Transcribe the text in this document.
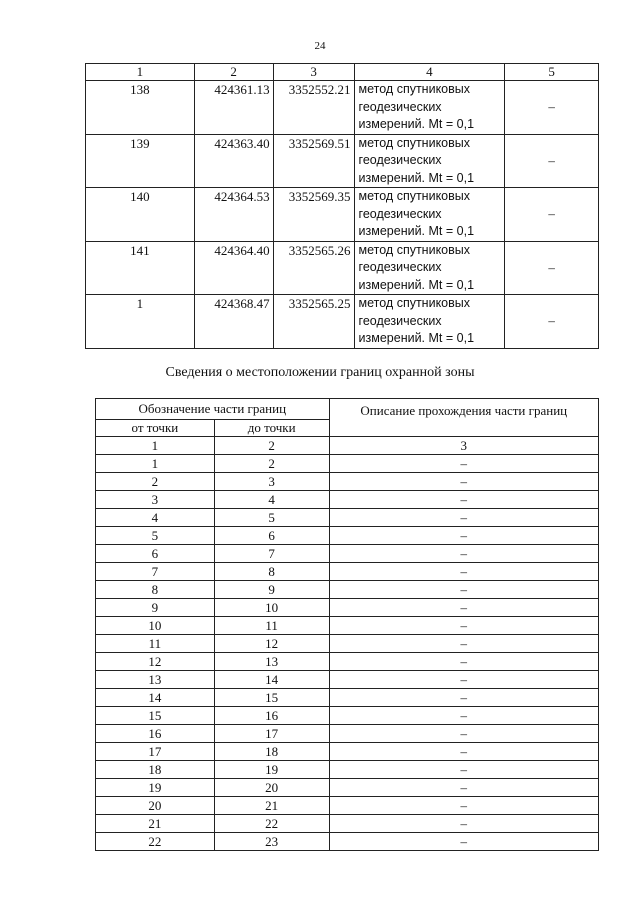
24
1	2	3	4	5
138	424361.13	3352552.21	метод спутниковых
геодезических
измерений. Mt = 0,1	–
139	424363.40	3352569.51	метод спутниковых
геодезических
измерений. Mt = 0,1	–
140	424364.53	3352569.35	метод спутниковых
геодезических
измерений. Mt = 0,1	–
141	424364.40	3352565.26	метод спутниковых
геодезических
измерений. Mt = 0,1	–
1	424368.47	3352565.25	метод спутниковых
геодезических
измерений. Mt = 0,1	–
Сведения о местоположении границ охранной зоны
Обозначение части границ		Описание прохождения части границ
от точки	до точки	
1	2	3
1	2	–
2	3	–
3	4	–
4	5	–
5	6	–
6	7	–
7	8	–
8	9	–
9	10	–
10	11	–
11	12	–
12	13	–
13	14	–
14	15	–
15	16	–
16	17	–
17	18	–
18	19	–
19	20	–
20	21	–
21	22	–
22	23	–
